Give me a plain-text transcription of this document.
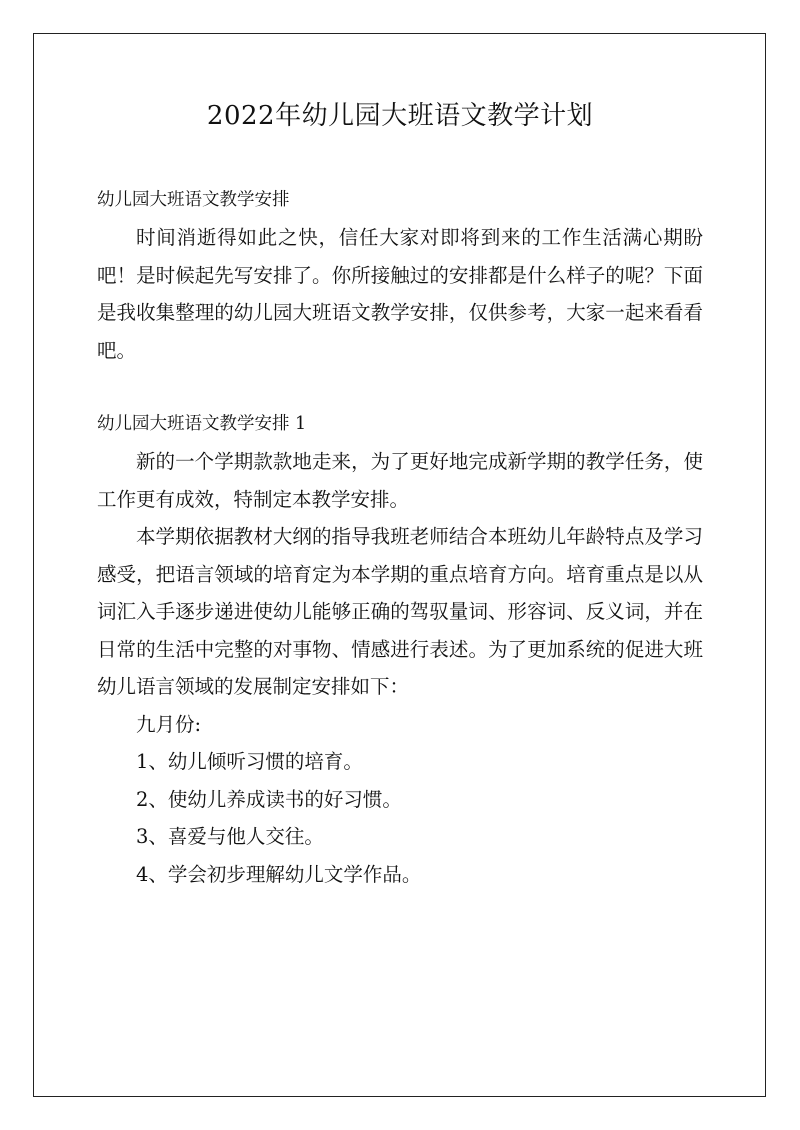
2022年幼儿园大班语文教学计划

幼儿园大班语文教学安排

时间消逝得如此之快，信任大家对即将到来的工作生活满心期盼吧！是时候起先写安排了。你所接触过的安排都是什么样子的呢？下面是我收集整理的幼儿园大班语文教学安排，仅供参考，大家一起来看看吧。

幼儿园大班语文教学安排 1

新的一个学期款款地走来，为了更好地完成新学期的教学任务，使工作更有成效，特制定本教学安排。

本学期依据教材大纲的指导我班老师结合本班幼儿年龄特点及学习感受，把语言领域的培育定为本学期的重点培育方向。培育重点是以从词汇入手逐步递进使幼儿能够正确的驾驭量词、形容词、反义词，并在日常的生活中完整的对事物、情感进行表述。为了更加系统的促进大班幼儿语言领域的发展制定安排如下：

九月份:

1、幼儿倾听习惯的培育。

2、使幼儿养成读书的好习惯。

3、喜爱与他人交往。

4、学会初步理解幼儿文学作品。
